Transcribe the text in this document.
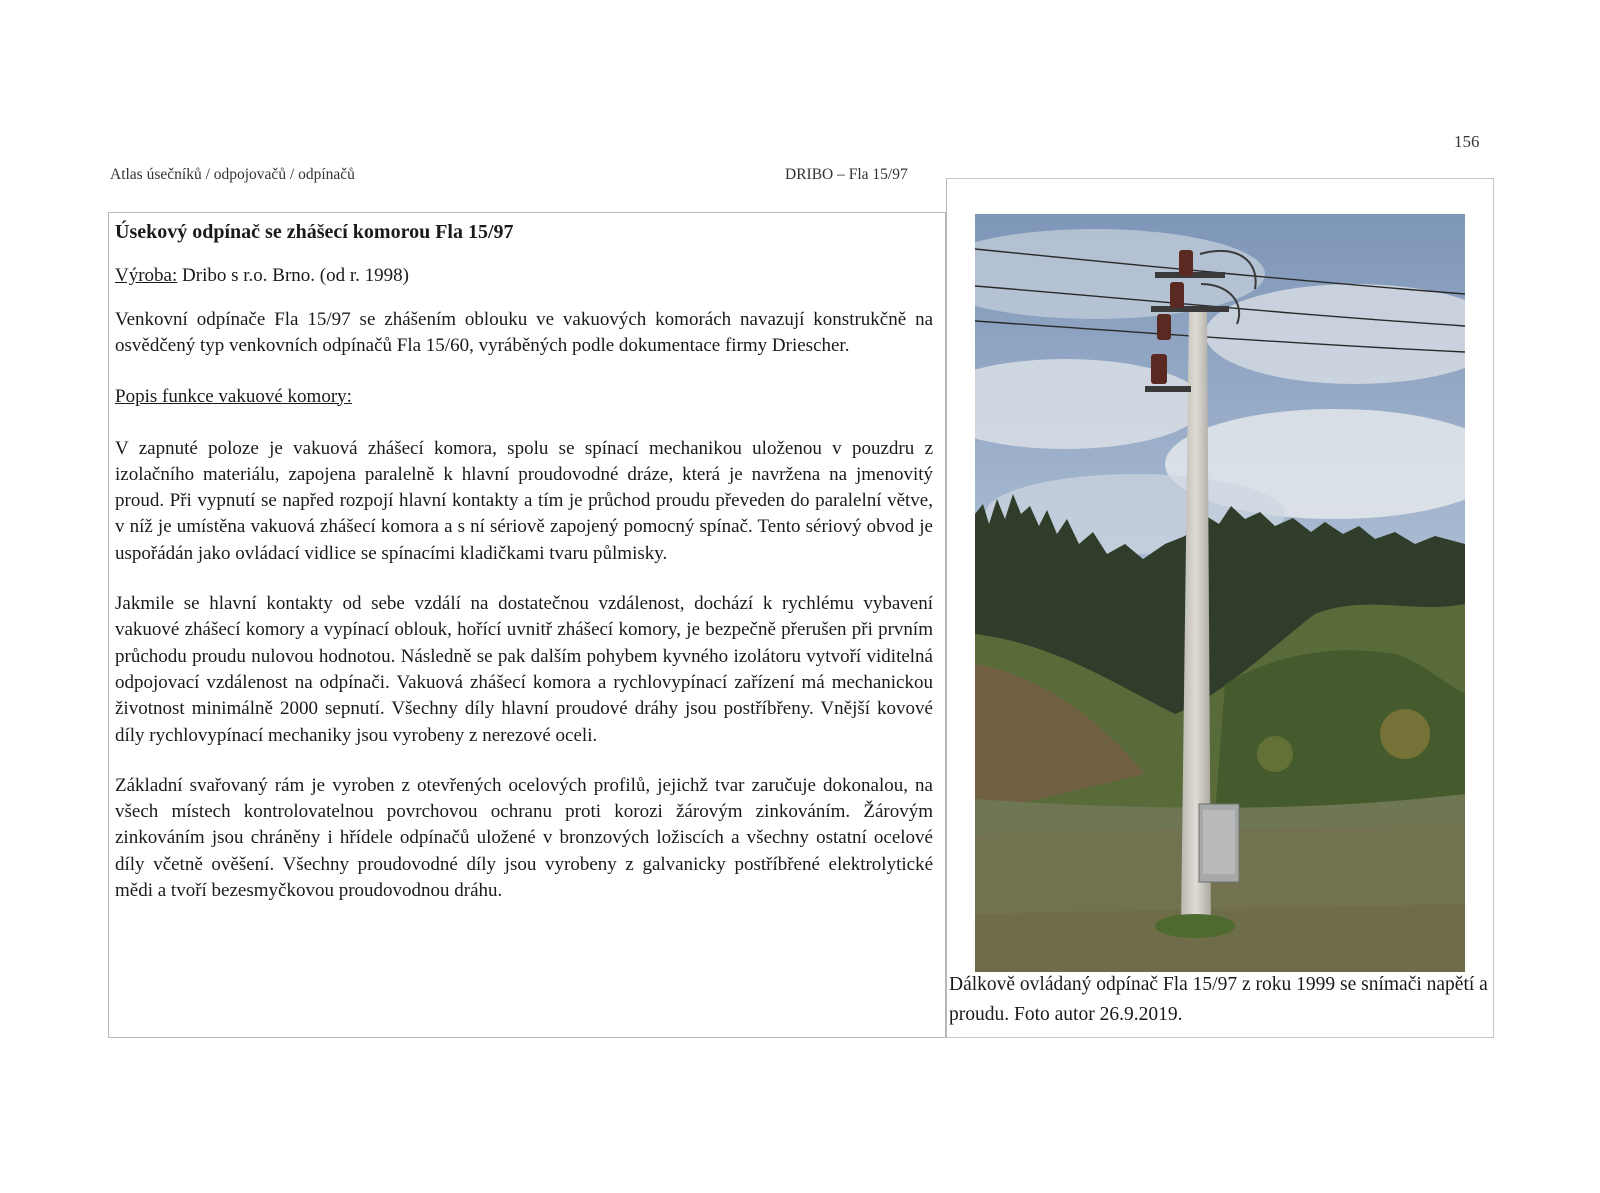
156
Atlas úsečníků / odpojovačů / odpínačů	DRIBO – Fla 15/97
Úsekový odpínač se zhášecí komorou Fla 15/97
Výroba: Dribo s r.o. Brno. (od r. 1998)

Venkovní odpínače Fla 15/97 se zhášením oblouku ve vakuových komorách navazují konstrukčně na osvědčený typ venkovních odpínačů Fla 15/60, vyráběných podle dokumentace firmy Driescher.

Popis funkce vakuové komory:

V zapnuté poloze je vakuová zhášecí komora, spolu se spínací mechanikou uloženou v pouzdru z izolačního materiálu, zapojena paralelně k hlavní proudovodné dráze, která je navržena na jmenovitý proud. Při vypnutí se napřed rozpojí hlavní kontakty a tím je průchod proudu převeden do paralelní větve, v níž je umístěna vakuová zhášecí komora a s ní sériově zapojený pomocný spínač. Tento sériový obvod je uspořádán jako ovládací vidlice se spínacími kladičkami tvaru půlmisky.

Jakmile se hlavní kontakty od sebe vzdálí na dostatečnou vzdálenost, dochází k rychlému vybavení vakuové zhášecí komory a vypínací oblouk, hořící uvnitř zhášecí komory, je bezpečně přerušen při prvním průchodu proudu nulovou hodnotou. Následně se pak dalším pohybem kyvného izolátoru vytvoří viditelná odpojovací vzdálenost na odpínači. Vakuová zhášecí komora a rychlovypínací zařízení má mechanickou životnost minimálně 2000 sepnutí. Všechny díly hlavní proudové dráhy jsou postříbřeny. Vnější kovové díly rychlovypínací mechaniky jsou vyrobeny z nerezové oceli.

Základní svařovaný rám je vyroben z otevřených ocelových profilů, jejichž tvar zaručuje dokonalou, na všech místech kontrolovatelnou povrchovou ochranu proti korozi žárovým zinkováním. Žárovým zinkováním jsou chráněny i hřídele odpínačů uložené v bronzových ložiscích a všechny ostatní ocelové díly včetně ověšení. Všechny proudovodné díly jsou vyrobeny z galvanicky postříbřené elektrolytické mědi a tvoří bezesmyčkovou proudovodnou dráhu.

Dálkově ovládaný odpínač Fla 15/97 z roku 1999 se snímači napětí a proudu. Foto autor 26.9.2019.
